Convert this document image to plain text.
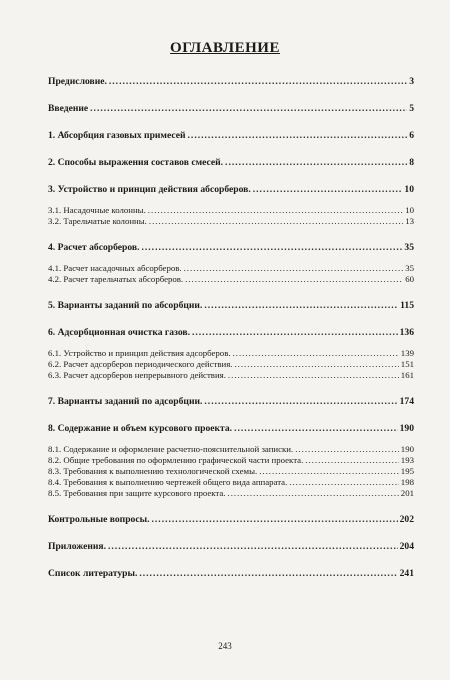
ОГЛАВЛЕНИЕ
Предисловие. .....	3
Введение .....	5
1. Абсорбция газовых примесей .....	6
2. Способы выражения составов смесей. .....	8
3. Устройство и принцип действия абсорберов. .....	10
3.1. Насадочные колонны. .....	10
3.2. Тарельчатые колонны. .....	13
4. Расчет абсорберов. .....	35
4.1. Расчет насадочных абсорберов. .....	35
4.2. Расчет тарельчатых абсорберов. .....	60
5. Варианты заданий по абсорбции. .....	115
6. Адсорбционная очистка газов. .....	136
6.1. Устройство и принцип действия адсорберов. .....	139
6.2. Расчет адсорберов периодического действия. .....	151
6.3. Расчет адсорберов непрерывного действия. .....	161
7. Варианты заданий по адсорбции. .....	174
8. Содержание и объем курсового проекта. .....	190
8.1. Содержание и оформление расчетно-пояснительной записки. .....	190
8.2. Общие требования по оформлению графической части проекта. .....	193
8.3. Требования к выполнению технологической схемы. .....	195
8.4. Требования к выполнению чертежей общего вида аппарата. .....	198
8.5. Требования при защите курсового проекта. .....	201
Контрольные вопросы. .....	202
Приложения. .....	204
Список литературы. .....	241
243
